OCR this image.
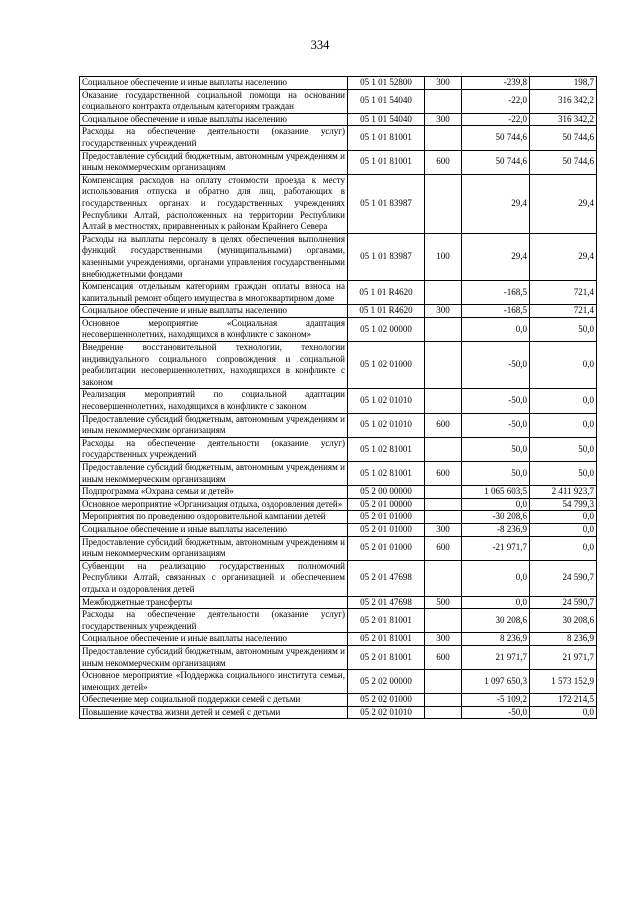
334
Социальное обеспечение и иные выплаты населению	05 1 01 52800	300	-239,8	198,7
Оказание государственной социальной помощи на основании социального контракта отдельным категориям граждан	05 1 01 54040		-22,0	316 342,2
Социальное обеспечение и иные выплаты населению	05 1 01 54040	300	-22,0	316 342,2
Расходы на обеспечение деятельности (оказание услуг) государственных учреждений	05 1 01 81001		50 744,6	50 744,6
Предоставление субсидий бюджетным, автономным учреждениям и иным некоммерческим организациям	05 1 01 81001	600	50 744,6	50 744,6
Компенсация расходов на оплату стоимости проезда к месту использования отпуска и обратно для лиц, работающих в государственных органах и государственных учреждениях Республики Алтай, расположенных на территории Республики Алтай в местностях, приравненных к районам Крайнего Севера	05 1 01 83987		29,4	29,4
Расходы на выплаты персоналу в целях обеспечения выполнения функций государственными (муниципальными) органами, казенными учреждениями, органами управления государственными внебюджетными фондами	05 1 01 83987	100	29,4	29,4
Компенсация отдельным категориям граждан оплаты взноса на капитальный ремонт общего имущества в многоквартирном доме	05 1 01 R4620		-168,5	721,4
Социальное обеспечение и иные выплаты населению	05 1 01 R4620	300	-168,5	721,4
Основное мероприятие «Социальная адаптация несовершеннолетних, находящихся в конфликте с законом»	05 1 02 00000		0,0	50,0
Внедрение восстановительной технологии, технологии индивидуального социального сопровождения и социальной реабилитации несовершеннолетних, находящихся в конфликте с законом	05 1 02 01000		-50,0	0,0
Реализация мероприятий по социальной адаптации несовершеннолетних, находящихся в конфликте с законом	05 1 02 01010		-50,0	0,0
Предоставление субсидий бюджетным, автономным учреждениям и иным некоммерческим организациям	05 1 02 01010	600	-50,0	0,0
Расходы на обеспечение деятельности (оказание услуг) государственных учреждений	05 1 02 81001		50,0	50,0
Предоставление субсидий бюджетным, автономным учреждениям и иным некоммерческим организациям	05 1 02 81001	600	50,0	50,0
Подпрограмма «Охрана семьи и детей»	05 2 00 00000		1 065 603,5	2 411 923,7
Основное мероприятие «Организация отдыха, оздоровления детей»	05 2 01 00000		0,0	54 799,3
Мероприятия по проведению оздоровительной кампании детей	05 2 01 01000		-30 208,6	0,0
Социальное обеспечение и иные выплаты населению	05 2 01 01000	300	-8 236,9	0,0
Предоставление субсидий бюджетным, автономным учреждениям и иным некоммерческим организациям	05 2 01 01000	600	-21 971,7	0,0
Субвенции на реализацию государственных полномочий Республики Алтай, связанных с организацией и обеспечением отдыха и оздоровления детей	05 2 01 47698		0,0	24 590,7
Межбюджетные трансферты	05 2 01 47698	500	0,0	24 590,7
Расходы на обеспечение деятельности (оказание услуг) государственных учреждений	05 2 01 81001		30 208,6	30 208,6
Социальное обеспечение и иные выплаты населению	05 2 01 81001	300	8 236,9	8 236,9
Предоставление субсидий бюджетным, автономным учреждениям и иным некоммерческим организациям	05 2 01 81001	600	21 971,7	21 971,7
Основное мероприятие «Поддержка социального института семьи, имеющих детей»	05 2 02 00000		1 097 650,3	1 573 152,9
Обеспечение мер социальной поддержки семей с детьми	05 2 02 01000		-5 109,2	172 214,5
Повышение качества жизни детей и семей с детьми	05 2 02 01010		-50,0	0,0
